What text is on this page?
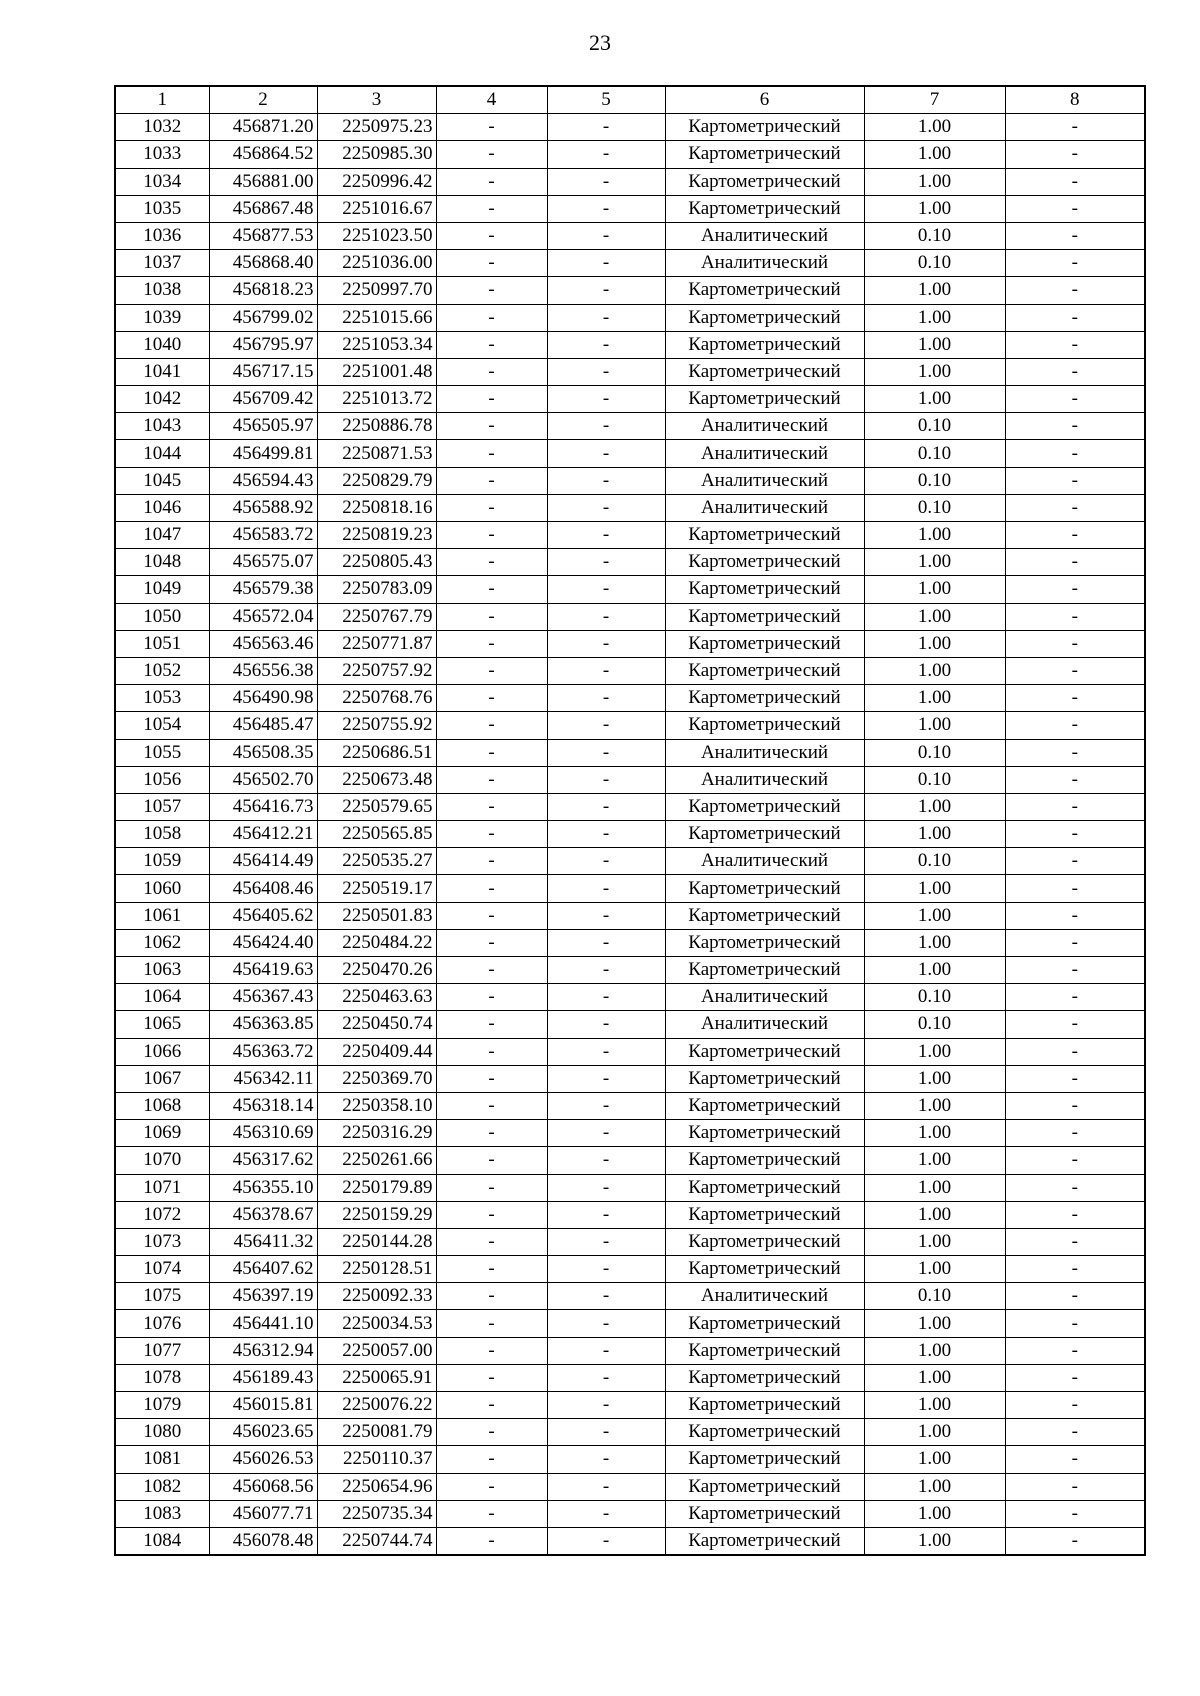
23
1	2	3	4	5	6	7	8
1032	456871.20	2250975.23	-	-	Картометрический	1.00	-
1033	456864.52	2250985.30	-	-	Картометрический	1.00	-
1034	456881.00	2250996.42	-	-	Картометрический	1.00	-
1035	456867.48	2251016.67	-	-	Картометрический	1.00	-
1036	456877.53	2251023.50	-	-	Аналитический	0.10	-
1037	456868.40	2251036.00	-	-	Аналитический	0.10	-
1038	456818.23	2250997.70	-	-	Картометрический	1.00	-
1039	456799.02	2251015.66	-	-	Картометрический	1.00	-
1040	456795.97	2251053.34	-	-	Картометрический	1.00	-
1041	456717.15	2251001.48	-	-	Картометрический	1.00	-
1042	456709.42	2251013.72	-	-	Картометрический	1.00	-
1043	456505.97	2250886.78	-	-	Аналитический	0.10	-
1044	456499.81	2250871.53	-	-	Аналитический	0.10	-
1045	456594.43	2250829.79	-	-	Аналитический	0.10	-
1046	456588.92	2250818.16	-	-	Аналитический	0.10	-
1047	456583.72	2250819.23	-	-	Картометрический	1.00	-
1048	456575.07	2250805.43	-	-	Картометрический	1.00	-
1049	456579.38	2250783.09	-	-	Картометрический	1.00	-
1050	456572.04	2250767.79	-	-	Картометрический	1.00	-
1051	456563.46	2250771.87	-	-	Картометрический	1.00	-
1052	456556.38	2250757.92	-	-	Картометрический	1.00	-
1053	456490.98	2250768.76	-	-	Картометрический	1.00	-
1054	456485.47	2250755.92	-	-	Картометрический	1.00	-
1055	456508.35	2250686.51	-	-	Аналитический	0.10	-
1056	456502.70	2250673.48	-	-	Аналитический	0.10	-
1057	456416.73	2250579.65	-	-	Картометрический	1.00	-
1058	456412.21	2250565.85	-	-	Картометрический	1.00	-
1059	456414.49	2250535.27	-	-	Аналитический	0.10	-
1060	456408.46	2250519.17	-	-	Картометрический	1.00	-
1061	456405.62	2250501.83	-	-	Картометрический	1.00	-
1062	456424.40	2250484.22	-	-	Картометрический	1.00	-
1063	456419.63	2250470.26	-	-	Картометрический	1.00	-
1064	456367.43	2250463.63	-	-	Аналитический	0.10	-
1065	456363.85	2250450.74	-	-	Аналитический	0.10	-
1066	456363.72	2250409.44	-	-	Картометрический	1.00	-
1067	456342.11	2250369.70	-	-	Картометрический	1.00	-
1068	456318.14	2250358.10	-	-	Картометрический	1.00	-
1069	456310.69	2250316.29	-	-	Картометрический	1.00	-
1070	456317.62	2250261.66	-	-	Картометрический	1.00	-
1071	456355.10	2250179.89	-	-	Картометрический	1.00	-
1072	456378.67	2250159.29	-	-	Картометрический	1.00	-
1073	456411.32	2250144.28	-	-	Картометрический	1.00	-
1074	456407.62	2250128.51	-	-	Картометрический	1.00	-
1075	456397.19	2250092.33	-	-	Аналитический	0.10	-
1076	456441.10	2250034.53	-	-	Картометрический	1.00	-
1077	456312.94	2250057.00	-	-	Картометрический	1.00	-
1078	456189.43	2250065.91	-	-	Картометрический	1.00	-
1079	456015.81	2250076.22	-	-	Картометрический	1.00	-
1080	456023.65	2250081.79	-	-	Картометрический	1.00	-
1081	456026.53	2250110.37	-	-	Картометрический	1.00	-
1082	456068.56	2250654.96	-	-	Картометрический	1.00	-
1083	456077.71	2250735.34	-	-	Картометрический	1.00	-
1084	456078.48	2250744.74	-	-	Картометрический	1.00	-
